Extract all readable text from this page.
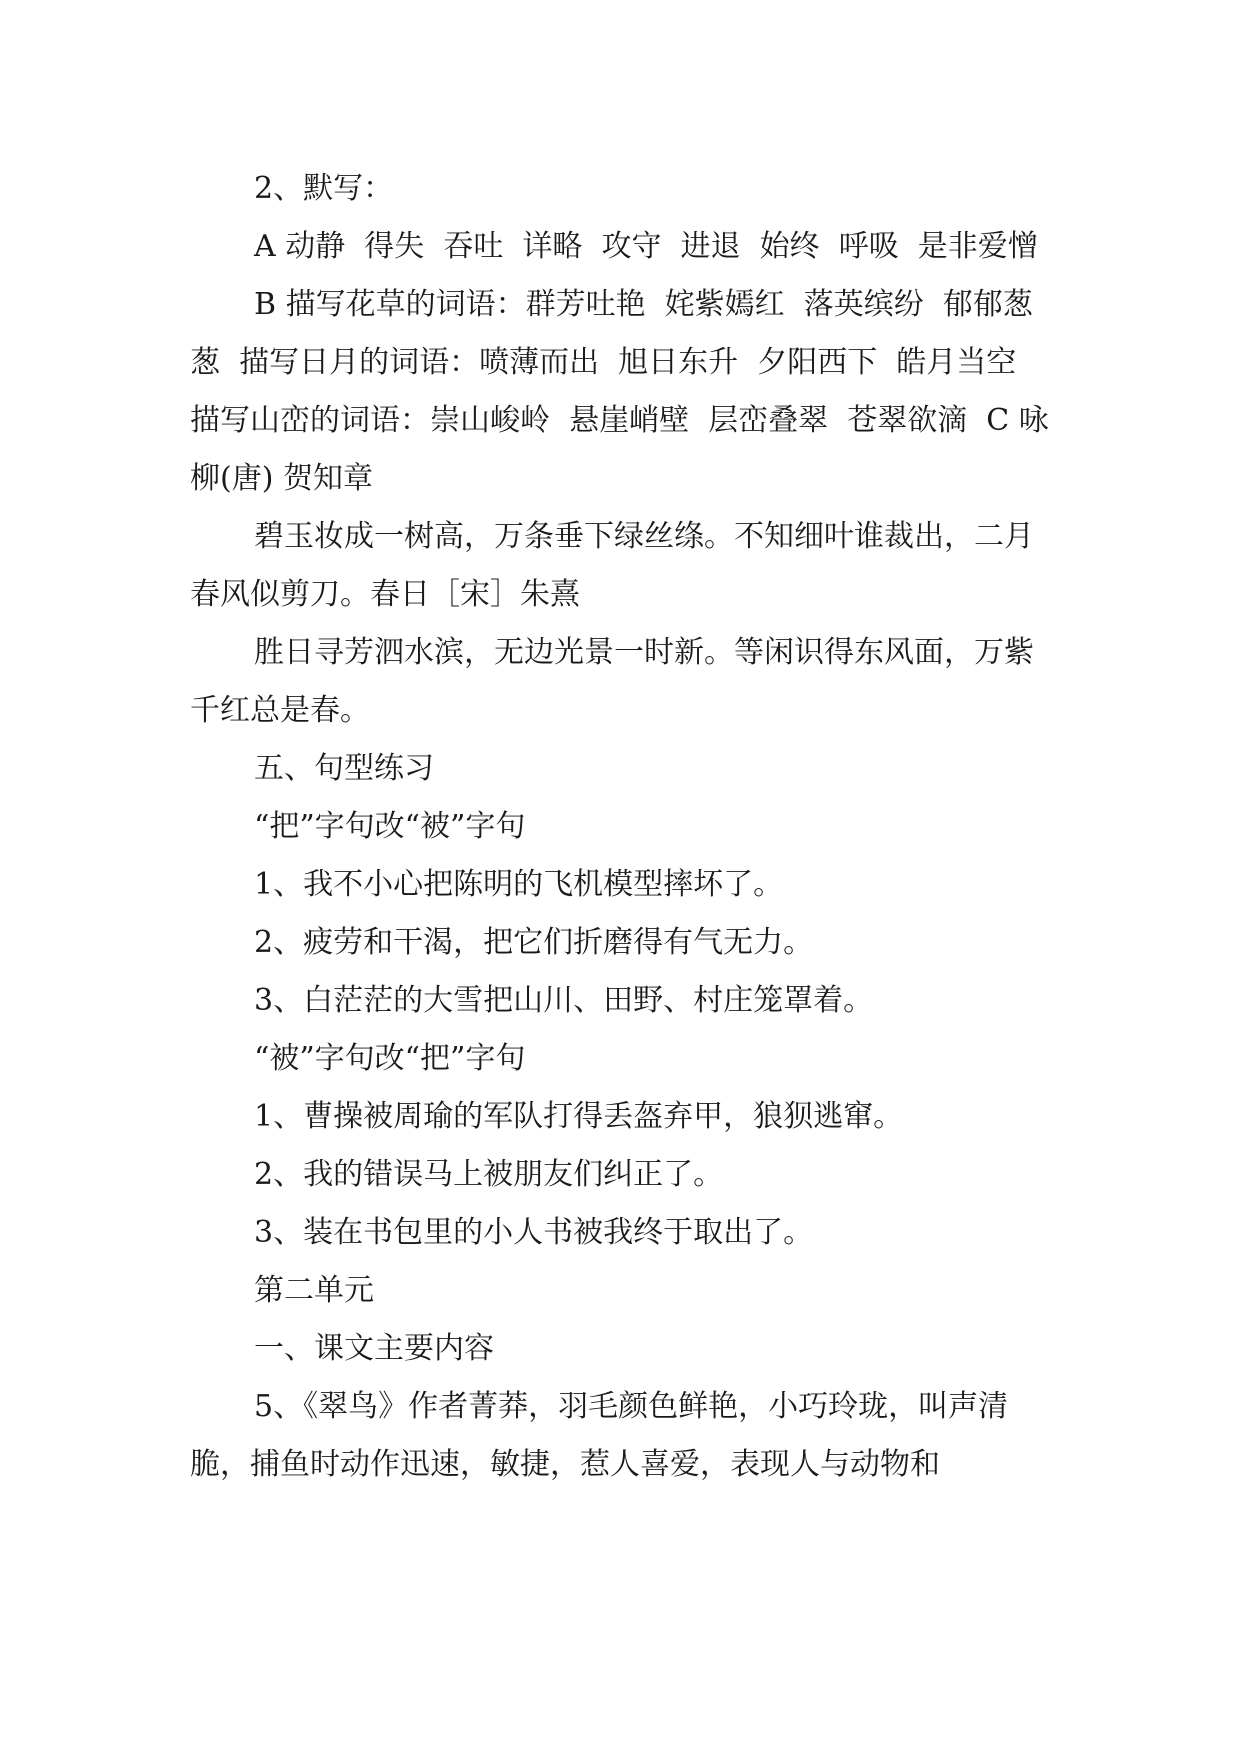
2、默写：

A 动静  得失  吞吐  详略  攻守  进退  始终  呼吸  是非爱憎

B 描写花草的词语：群芳吐艳  姹紫嫣红  落英缤纷  郁郁葱葱  描写日月的词语：喷薄而出  旭日东升  夕阳西下  皓月当空  描写山峦的词语：崇山峻岭  悬崖峭壁  层峦叠翠  苍翠欲滴  C 咏柳(唐) 贺知章

碧玉妆成一树高，万条垂下绿丝绦。不知细叶谁裁出，二月春风似剪刀。春日［宋］朱熹

胜日寻芳泗水滨，无边光景一时新。等闲识得东风面，万紫千红总是春。

五、句型练习

“把”字句改“被”字句

1、我不小心把陈明的飞机模型摔坏了。

2、疲劳和干渴，把它们折磨得有气无力。

3、白茫茫的大雪把山川、田野、村庄笼罩着。

“被”字句改“把”字句

1、曹操被周瑜的军队打得丢盔弃甲，狼狈逃窜。

2、我的错误马上被朋友们纠正了。

3、装在书包里的小人书被我终于取出了。

第二单元

一、课文主要内容

5、《翠鸟》作者菁莽，羽毛颜色鲜艳，小巧玲珑，叫声清脆，捕鱼时动作迅速，敏捷，惹人喜爱，表现人与动物和
